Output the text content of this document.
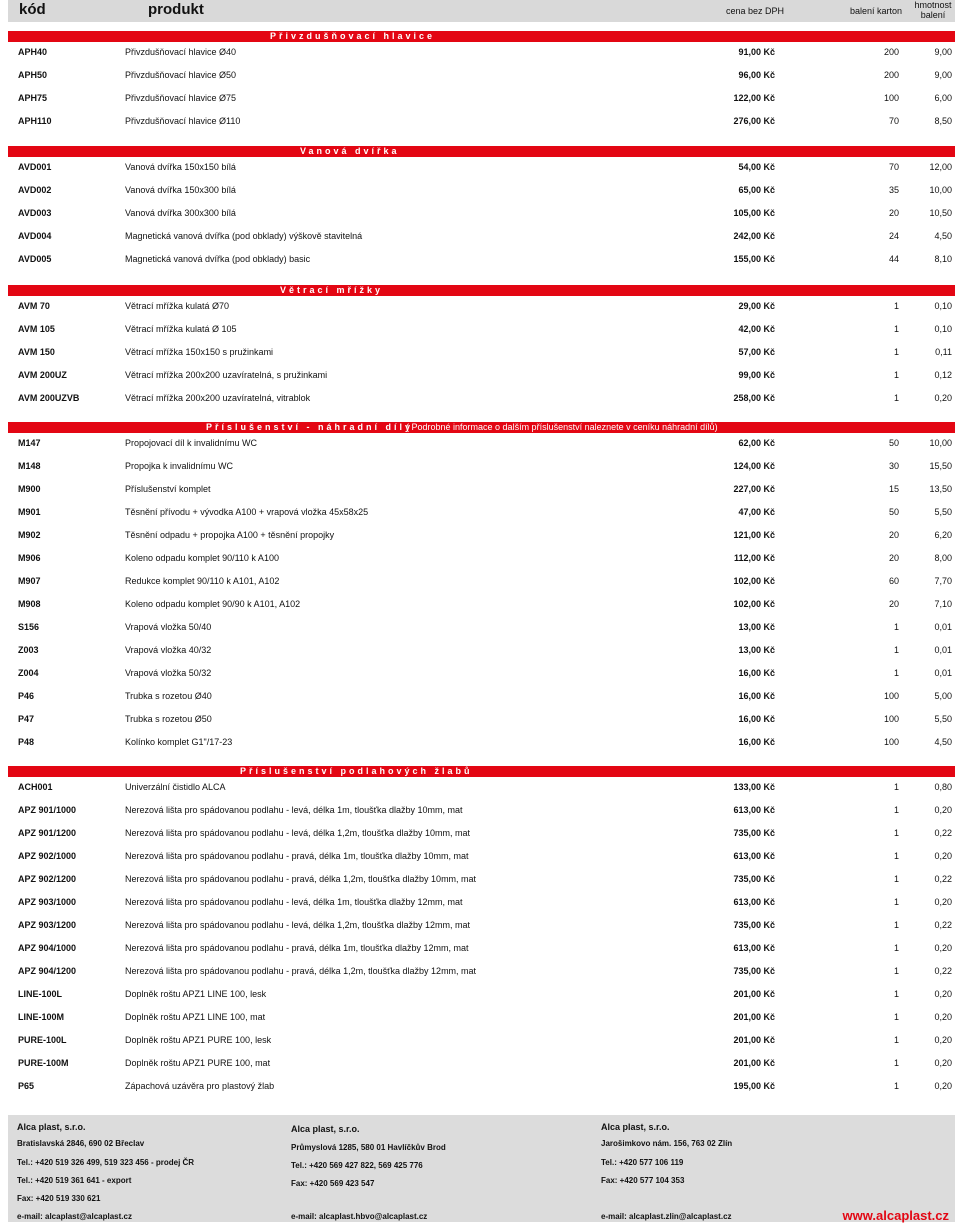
kód	produkt	cena bez DPH	balení karton
hmotnost
balení
Přivzdušňovací hlavice
APH40	Přivzdušňovací hlavice Ø40	91,00 Kč	200	9,00
APH50	Přivzdušňovací hlavice Ø50	96,00 Kč	200	9,00
APH75	Přivzdušňovací hlavice Ø75	122,00 Kč	100	6,00
APH110	Přivzdušňovací hlavice Ø110	276,00 Kč	70	8,50
Vanová dvířka
AVD001	Vanová dvířka 150x150 bílá	54,00 Kč	70	12,00
AVD002	Vanová dvířka 150x300 bílá	65,00 Kč	35	10,00
AVD003	Vanová dvířka 300x300 bílá	105,00 Kč	20	10,50
AVD004	Magnetická vanová dvířka (pod obklady) výškově stavitelná	242,00 Kč	24	4,50
AVD005	Magnetická vanová dvířka (pod obklady) basic	155,00 Kč	44	8,10
Větrací mřížky
AVM 70	Větrací mřížka kulatá Ø70	29,00 Kč	1	0,10
AVM 105	Větrací mřížka kulatá Ø 105	42,00 Kč	1	0,10
AVM 150	Větrací mřížka 150x150 s pružinkami	57,00 Kč	1	0,11
AVM 200UZ	Větrací mřížka 200x200 uzavíratelná, s pružinkami	99,00 Kč	1	0,12
AVM 200UZVB	Větrací mřížka 200x200 uzavíratelná, vitrablok	258,00 Kč	1	0,20
Příslušenství - náhradní díly
( Podrobné informace o dalším příslušenství naleznete v ceníku náhradní dílů)
M147	Propojovací díl k invalidnímu WC	62,00 Kč	50	10,00
M148	Propojka k invalidnímu WC	124,00 Kč	30	15,50
M900	Příslušenství komplet	227,00 Kč	15	13,50
M901	Těsnění přívodu + vývodka A100 + vrapová vložka 45x58x25	47,00 Kč	50	5,50
M902	Těsnění odpadu + propojka A100 + těsnění propojky	121,00 Kč	20	6,20
M906	Koleno odpadu komplet 90/110 k A100	112,00 Kč	20	8,00
M907	Redukce komplet 90/110 k A101, A102	102,00 Kč	60	7,70
M908	Koleno odpadu komplet 90/90 k A101, A102	102,00 Kč	20	7,10
S156	Vrapová vložka 50/40	13,00 Kč	1	0,01
Z003	Vrapová vložka 40/32	13,00 Kč	1	0,01
Z004	Vrapová vložka 50/32	16,00 Kč	1	0,01
P46	Trubka s rozetou Ø40	16,00 Kč	100	5,00
P47	Trubka s rozetou Ø50	16,00 Kč	100	5,50
P48	Kolínko komplet G1"/17-23	16,00 Kč	100	4,50
Příslušenství podlahových žlabů
ACH001	Univerzální čistidlo ALCA	133,00 Kč	1	0,80
APZ 901/1000	Nerezová lišta pro spádovanou podlahu - levá, délka 1m, tloušťka dlažby 10mm, mat	613,00 Kč	1	0,20
APZ 901/1200	Nerezová lišta pro spádovanou podlahu - levá, délka 1,2m, tloušťka dlažby 10mm, mat	735,00 Kč	1	0,22
APZ 902/1000	Nerezová lišta pro spádovanou podlahu - pravá, délka 1m, tloušťka dlažby 10mm, mat	613,00 Kč	1	0,20
APZ 902/1200	Nerezová lišta pro spádovanou podlahu - pravá, délka 1,2m, tloušťka dlažby 10mm, mat	735,00 Kč	1	0,22
APZ 903/1000	Nerezová lišta pro spádovanou podlahu - levá, délka 1m, tloušťka dlažby 12mm, mat	613,00 Kč	1	0,20
APZ 903/1200	Nerezová lišta pro spádovanou podlahu - levá, délka 1,2m, tloušťka dlažby 12mm, mat	735,00 Kč	1	0,22
APZ 904/1000	Nerezová lišta pro spádovanou podlahu - pravá, délka 1m, tloušťka dlažby 12mm, mat	613,00 Kč	1	0,20
APZ 904/1200	Nerezová lišta pro spádovanou podlahu - pravá, délka 1,2m, tloušťka dlažby 12mm, mat	735,00 Kč	1	0,22
LINE-100L	Doplněk roštu APZ1 LINE 100, lesk	201,00 Kč	1	0,20
LINE-100M	Doplněk roštu APZ1 LINE 100, mat	201,00 Kč	1	0,20
PURE-100L	Doplněk roštu APZ1 PURE 100, lesk	201,00 Kč	1	0,20
PURE-100M	Doplněk roštu APZ1 PURE 100, mat	201,00 Kč	1	0,20
P65	Zápachová uzávěra pro plastový žlab	195,00 Kč	1	0,20
www.alcaplast.cz
Alca plast, s.r.o.
Bratislavská 2846, 690 02 Břeclav
Tel.: +420 519 326 499, 519 323 456 - prodej ČR
Tel.: +420 519 361 641 - export
Fax: +420 519 330 621
e-mail: alcaplast@alcaplast.cz
Alca plast, s.r.o.
Průmyslová 1285, 580 01 Havlíčkův Brod
Tel.: +420 569 427 822, 569 425 776
Fax: +420 569 423 547
e-mail: alcaplast.hbvo@alcaplast.cz
Alca plast, s.r.o.
Jarošimkovo nám. 156, 763 02 Zlín
Tel.: +420 577 106 119
Fax: +420 577 104 353
e-mail: alcaplast.zlin@alcaplast.cz
